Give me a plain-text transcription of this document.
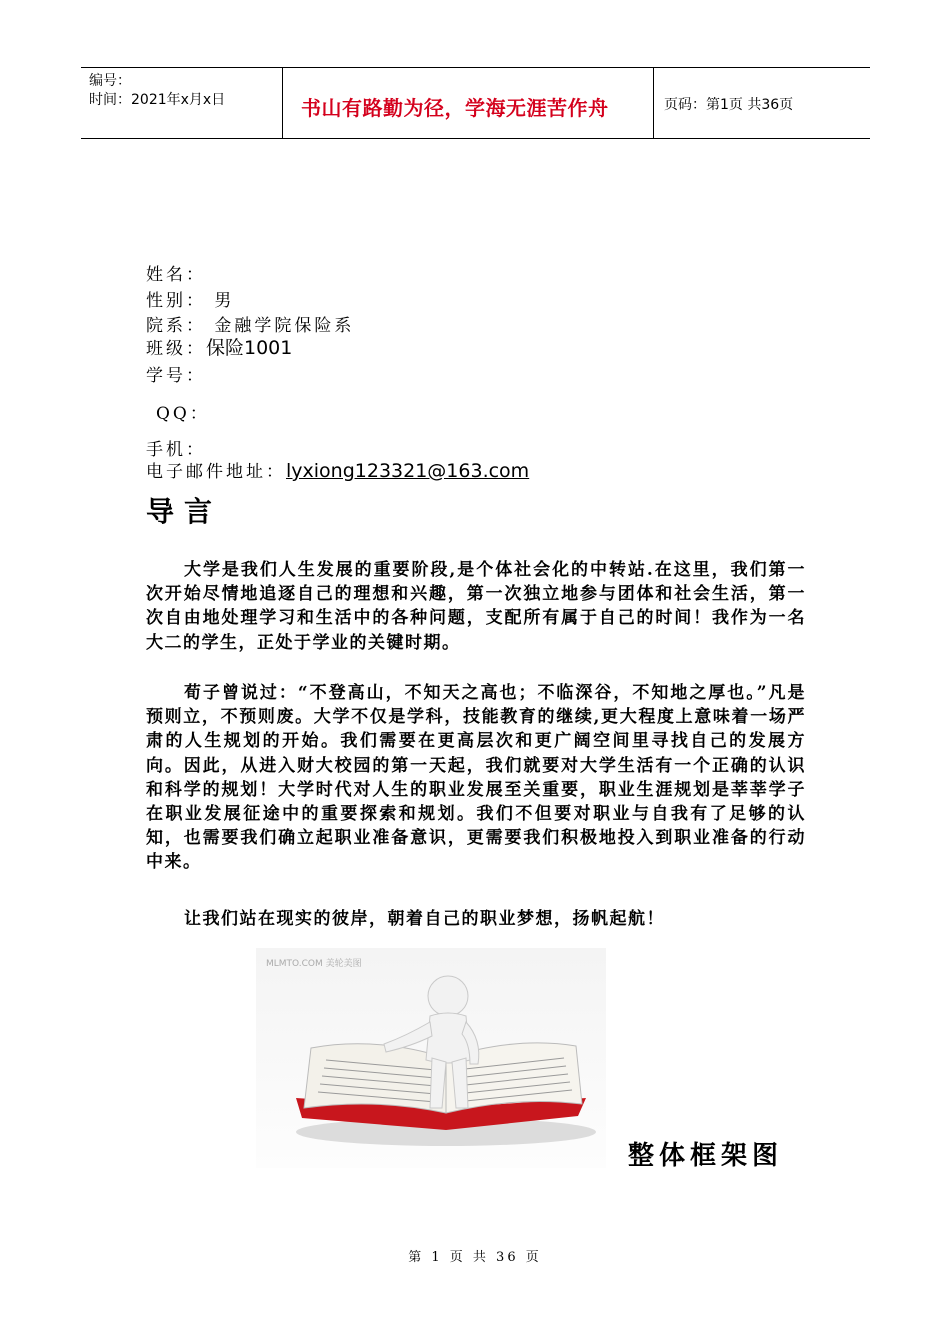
编号：
时间：2021年x月x日	书山有路勤为径，学海无涯苦作舟	页码：第1页 共36页
姓名：
性别： 男
院系： 金融学院保险系
班级：保险1001
学号：
QQ：
手机：
电子邮件地址：lyxiong123321@163.com
导言
大学是我们人生发展的重要阶段,是个体社会化的中转站.在这里，我们第一次开始尽情地追逐自己的理想和兴趣，第一次独立地参与团体和社会生活，第一次自由地处理学习和生活中的各种问题，支配所有属于自己的时间！我作为一名大二的学生，正处于学业的关键时期。
荀子曾说过：“不登高山，不知天之高也；不临深谷，不知地之厚也。”凡是预则立，不预则废。大学不仅是学科，技能教育的继续,更大程度上意味着一场严肃的人生规划的开始。我们需要在更高层次和更广阔空间里寻找自己的发展方向。因此，从进入财大校园的第一天起，我们就要对大学生活有一个正确的认识和科学的规划！大学时代对人生的职业发展至关重要，职业生涯规划是莘莘学子在职业发展征途中的重要探索和规划。我们不但要对职业与自我有了足够的认知，也需要我们确立起职业准备意识，更需要我们积极地投入到职业准备的行动中来。
让我们站在现实的彼岸，朝着自己的职业梦想，扬帆起航！
MLMTO.COM 美轮美图
整体框架图
第 1 页 共 36 页
